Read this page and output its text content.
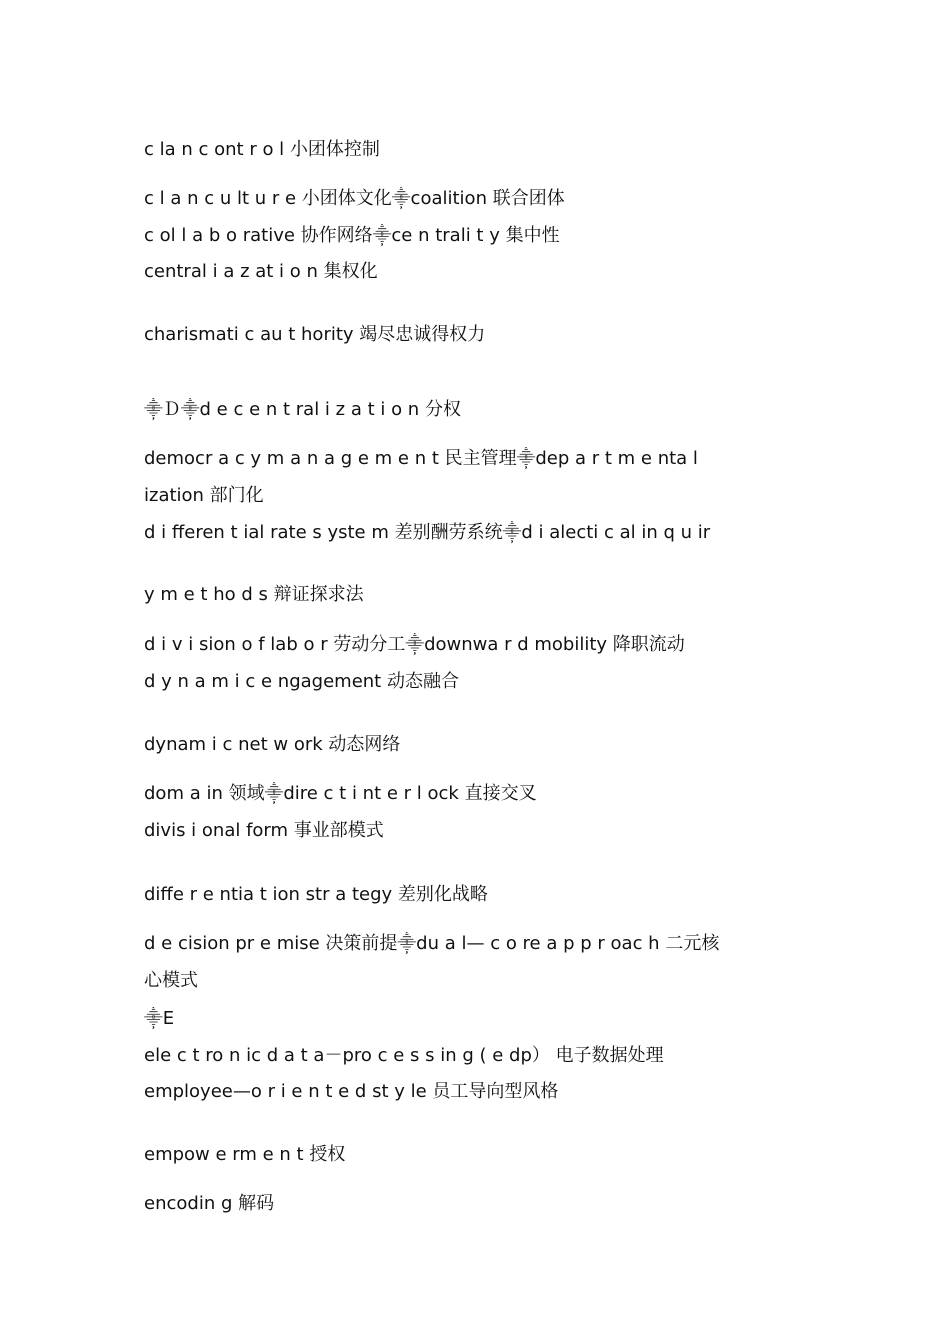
c la n c ont r o l 小团体控制
c l a n c u lt u r e 小团体文化⸎coalition 联合团体
c ol l a b o rative 协作网络⸎ce n trali t y 集中性
central i a z at i o n 集权化
charismati c au t hority 竭尽忠诚得权力
⸎Ｄ⸎d e c e n t ral i z a t i o n 分权
democr a c y m a n a g e m e n t 民主管理⸎dep a r t m e nta l
ization 部门化
d i fferen t ial rate s yste m 差别酬劳系统⸎d i alecti c al in q u ir
y m e t ho d s 辩证探求法
d i v i sion o f lab o r 劳动分工⸎downwa r d mobility 降职流动
d y n a m i c e ngagement 动态融合
dynam i c net w ork 动态网络
dom a in 领域⸎dire c t i nt e r l ock 直接交叉
divis i onal form 事业部模式
diffe r e ntia t ion str a tegy 差别化战略
d e cision pr e mise 决策前提⸎du a l— c o re a p p r oac h 二元核
心模式
⸎E
ele c t ro n ic d a t a－pro c e s s in g ( e dp） 电子数据处理
employee—o r i e n t e d st y le 员工导向型风格
empow e rm e n t 授权
encodin g 解码
